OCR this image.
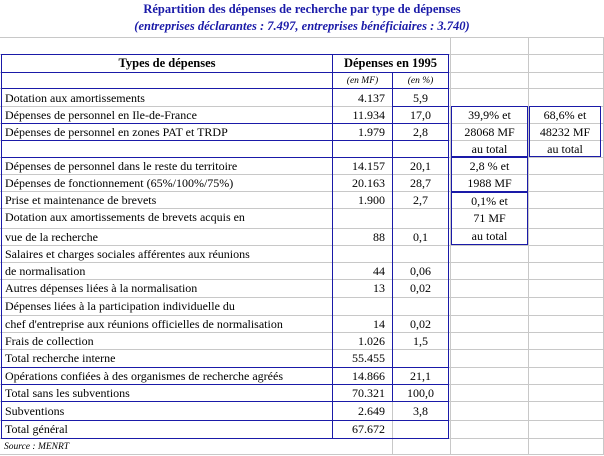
Répartition des dépenses de recherche par type de dépenses
(entreprises déclarantes : 7.497, entreprises bénéficiaires : 3.740)
Types de dépenses	Dépenses en 1995
(en MF)	(en %)
Dotation aux amortissements	4.137	5,9
Dépenses de personnel en Ile-de-France	11.934	17,0
Dépenses de personnel en zones PAT et TRDP	1.979	2,8
Dépenses de personnel dans le reste du territoire	14.157	20,1
Dépenses de fonctionnement (65%/100%/75%)	20.163	28,7
Prise et maintenance de brevets	1.900	2,7
Dotation aux amortissements de brevets acquis en
vue de la recherche	88	0,1
Salaires et charges sociales afférentes aux réunions
de normalisation	44	0,06
Autres dépenses liées à la normalisation	13	0,02
Dépenses liées à la participation individuelle du
chef d'entreprise aux réunions officielles de normalisation	14	0,02
Frais de collection	1.026	1,5
Total recherche interne	55.455
Opérations confiées à des organismes de recherche agréés	14.866	21,1
Total sans les subventions	70.321	100,0
Subventions	2.649	3,8
Total général	67.672
39,9% et
28068 MF
au total
68,6% et
48232 MF
au total
2,8 % et
1988 MF
0,1% et
71 MF
au total
Source : MENRT
